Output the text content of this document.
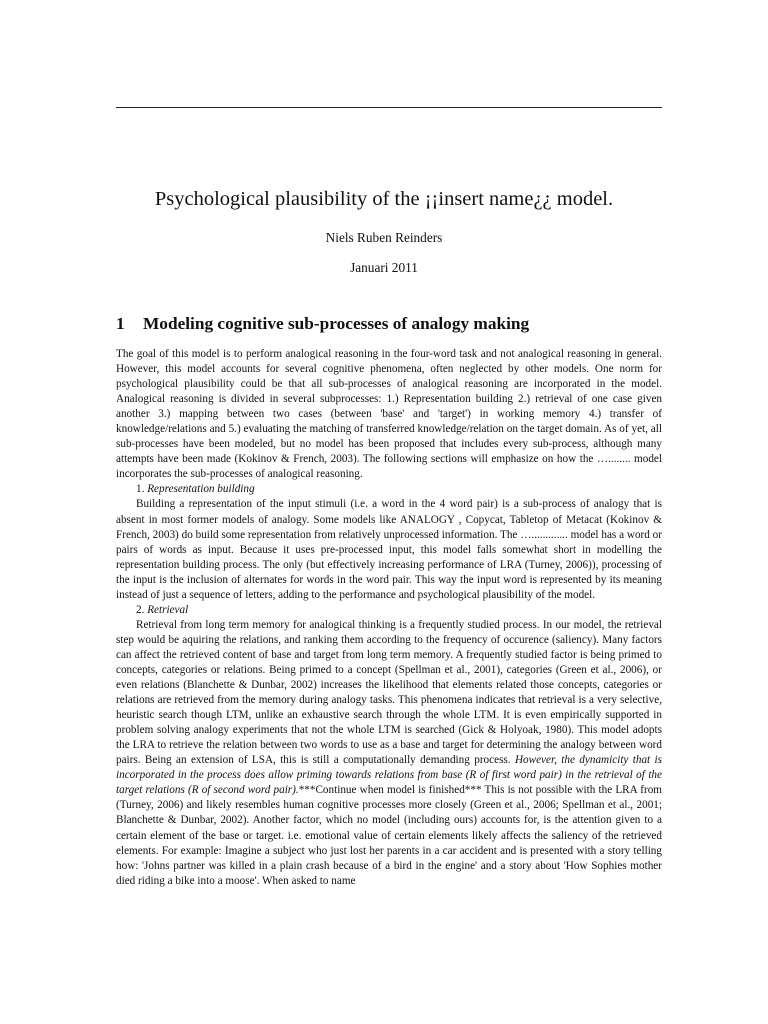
Psychological plausibility of the ¡¡insert name¿¿ model.
Niels Ruben Reinders
Januari 2011
1 Modeling cognitive sub-processes of analogy making

The goal of this model is to perform analogical reasoning in the four-word task and not analogical reasoning in general. However, this model accounts for several cognitive phenomena, often neglected by other models. One norm for psychological plausibility could be that all sub-processes of analogical reasoning are incorporated in the model. Analogical reasoning is divided in several subprocesses: 1.) Representation building 2.) retrieval of one case given another 3.) mapping between two cases (between 'base' and 'target') in working memory 4.) transfer of knowledge/relations and 5.) evaluating the matching of transferred knowledge/relation on the target domain. As of yet, all sub-processes have been modeled, but no model has been proposed that includes every sub-process, although many attempts have been made (Kokinov & French, 2003). The following sections will emphasize on how the …........ model incorporates the sub-processes of analogical reasoning.

1. Representation building

Building a representation of the input stimuli (i.e. a word in the 4 word pair) is a sub-process of analogy that is absent in most former models of analogy. Some models like ANALOGY , Copycat, Tabletop of Metacat (Kokinov & French, 2003) do build some representation from relatively unprocessed information. The …............. model has a word or pairs of words as input. Because it uses pre-processed input, this model falls somewhat short in modelling the representation building process. The only (but effectively increasing performance of LRA (Turney, 2006)), processing of the input is the inclusion of alternates for words in the word pair. This way the input word is represented by its meaning instead of just a sequence of letters, adding to the performance and psychological plausibility of the model.

2. Retrieval

Retrieval from long term memory for analogical thinking is a frequently studied process. In our model, the retrieval step would be aquiring the relations, and ranking them according to the frequency of occurence (saliency). Many factors can affect the retrieved content of base and target from long term memory. A frequently studied factor is being primed to concepts, categories or relations. Being primed to a concept (Spellman et al., 2001), categories (Green et al., 2006), or even relations (Blanchette & Dunbar, 2002) increases the likelihood that elements related those concepts, categories or relations are retrieved from the memory during analogy tasks. This phenomena indicates that retrieval is a very selective, heuristic search though LTM, unlike an exhaustive search through the whole LTM. It is even empirically supported in problem solving analogy experiments that not the whole LTM is searched (Gick & Holyoak, 1980). This model adopts the LRA to retrieve the relation between two words to use as a base and target for determining the analogy between word pairs. Being an extension of LSA, this is still a computationally demanding process. However, the dynamicity that is incorporated in the process does allow priming towards relations from base (R of first word pair) in the retrieval of the target relations (R of second word pair).***Continue when model is finished*** This is not possible with the LRA from (Turney, 2006) and likely resembles human cognitive processes more closely (Green et al., 2006; Spellman et al., 2001; Blanchette & Dunbar, 2002). Another factor, which no model (including ours) accounts for, is the attention given to a certain element of the base or target. i.e. emotional value of certain elements likely affects the saliency of the retrieved elements. For example: Imagine a subject who just lost her parents in a car accident and is presented with a story telling how: 'Johns partner was killed in a plain crash because of a bird in the engine' and a story about 'How Sophies mother died riding a bike into a moose'. When asked to name
